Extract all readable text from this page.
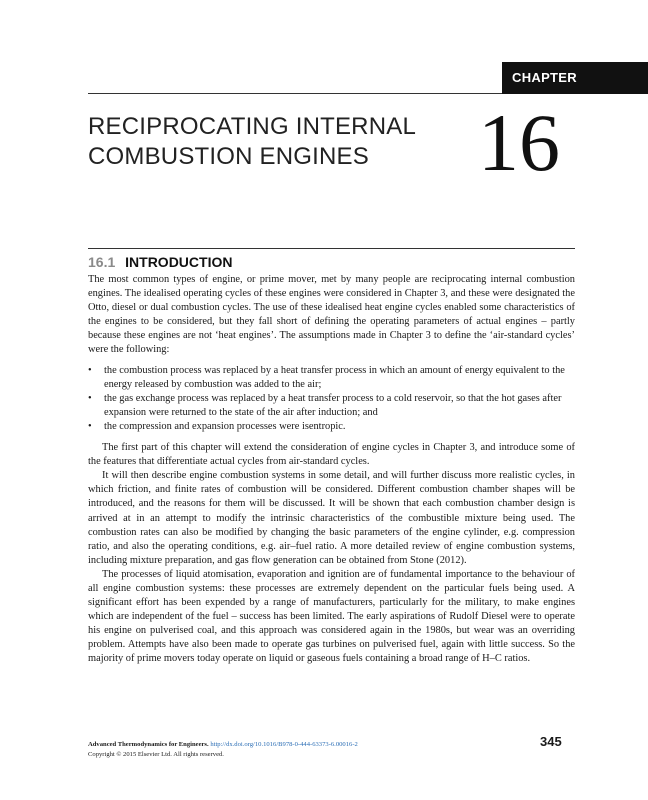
CHAPTER
RECIPROCATING INTERNAL COMBUSTION ENGINES	16
16.1 INTRODUCTION

The most common types of engine, or prime mover, met by many people are reciprocating internal combustion engines. The idealised operating cycles of these engines were considered in Chapter 3, and these were designated the Otto, diesel or dual combustion cycles. The use of these idealised heat engine cycles enabled some characteristics of the engines to be considered, but they fall short of defining the operating parameters of actual engines – partly because these engines are not ‘heat engines’. The assumptions made in Chapter 3 to define the ‘air-standard cycles’ were the following:

• the combustion process was replaced by a heat transfer process in which an amount of energy equivalent to the energy released by combustion was added to the air;
• the gas exchange process was replaced by a heat transfer process to a cold reservoir, so that the hot gases after expansion were returned to the state of the air after induction; and
• the compression and expansion processes were isentropic.

The first part of this chapter will extend the consideration of engine cycles in Chapter 3, and introduce some of the features that differentiate actual cycles from air-standard cycles.

It will then describe engine combustion systems in some detail, and will further discuss more realistic cycles, in which friction, and finite rates of combustion will be considered. Different combustion chamber shapes will be introduced, and the reasons for them will be discussed. It will be shown that each combustion chamber design is arrived at in an attempt to modify the intrinsic characteristics of the combustible mixture being used. The combustion rates can also be modified by changing the basic parameters of the engine cylinder, e.g. compression ratio, and also the operating conditions, e.g. air–fuel ratio. A more detailed review of engine combustion systems, including mixture preparation, and gas flow generation can be obtained from Stone (2012).

The processes of liquid atomisation, evaporation and ignition are of fundamental importance to the behaviour of all engine combustion systems: these processes are extremely dependent on the particular fuels being used. A significant effort has been expended by a range of manufacturers, particularly for the military, to make engines which are independent of the fuel – success has been limited. The early aspirations of Rudolf Diesel were to operate his engine on pulverised coal, and this approach was considered again in the 1980s, but wear was an overriding problem. Attempts have also been made to operate gas turbines on pulverised fuel, again with little success. So the majority of prime movers today operate on liquid or gaseous fuels containing a broad range of H–C ratios.

Advanced Thermodynamics for Engineers. http://dx.doi.org/10.1016/B978-0-444-63373-6.00016-2
Copyright © 2015 Elsevier Ltd. All rights reserved.
345
